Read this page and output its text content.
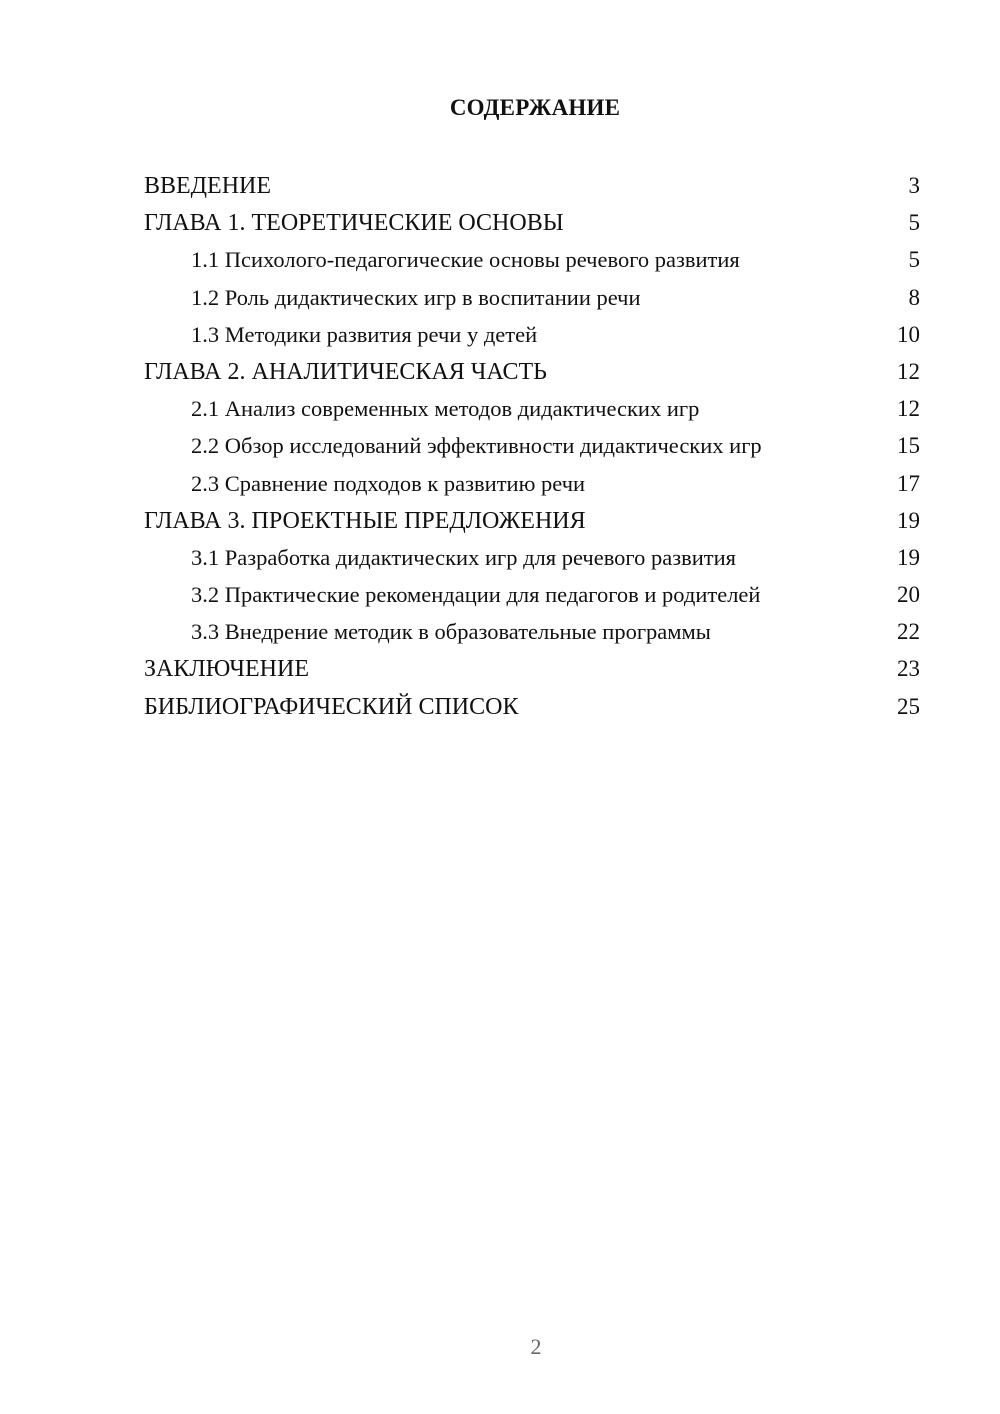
СОДЕРЖАНИЕ
ВВЕДЕНИЕ	3
ГЛАВА 1. ТЕОРЕТИЧЕСКИЕ ОСНОВЫ	5
1.1 Психолого-педагогические основы речевого развития	5
1.2 Роль дидактических игр в воспитании речи	8
1.3 Методики развития речи у детей	10
ГЛАВА 2. АНАЛИТИЧЕСКАЯ ЧАСТЬ	12
2.1 Анализ современных методов дидактических игр	12
2.2 Обзор исследований эффективности дидактических игр	15
2.3 Сравнение подходов к развитию речи	17
ГЛАВА 3. ПРОЕКТНЫЕ ПРЕДЛОЖЕНИЯ	19
3.1 Разработка дидактических игр для речевого развития	19
3.2 Практические рекомендации для педагогов и родителей	20
3.3 Внедрение методик в образовательные программы	22
ЗАКЛЮЧЕНИЕ	23
БИБЛИОГРАФИЧЕСКИЙ СПИСОК	25
2
